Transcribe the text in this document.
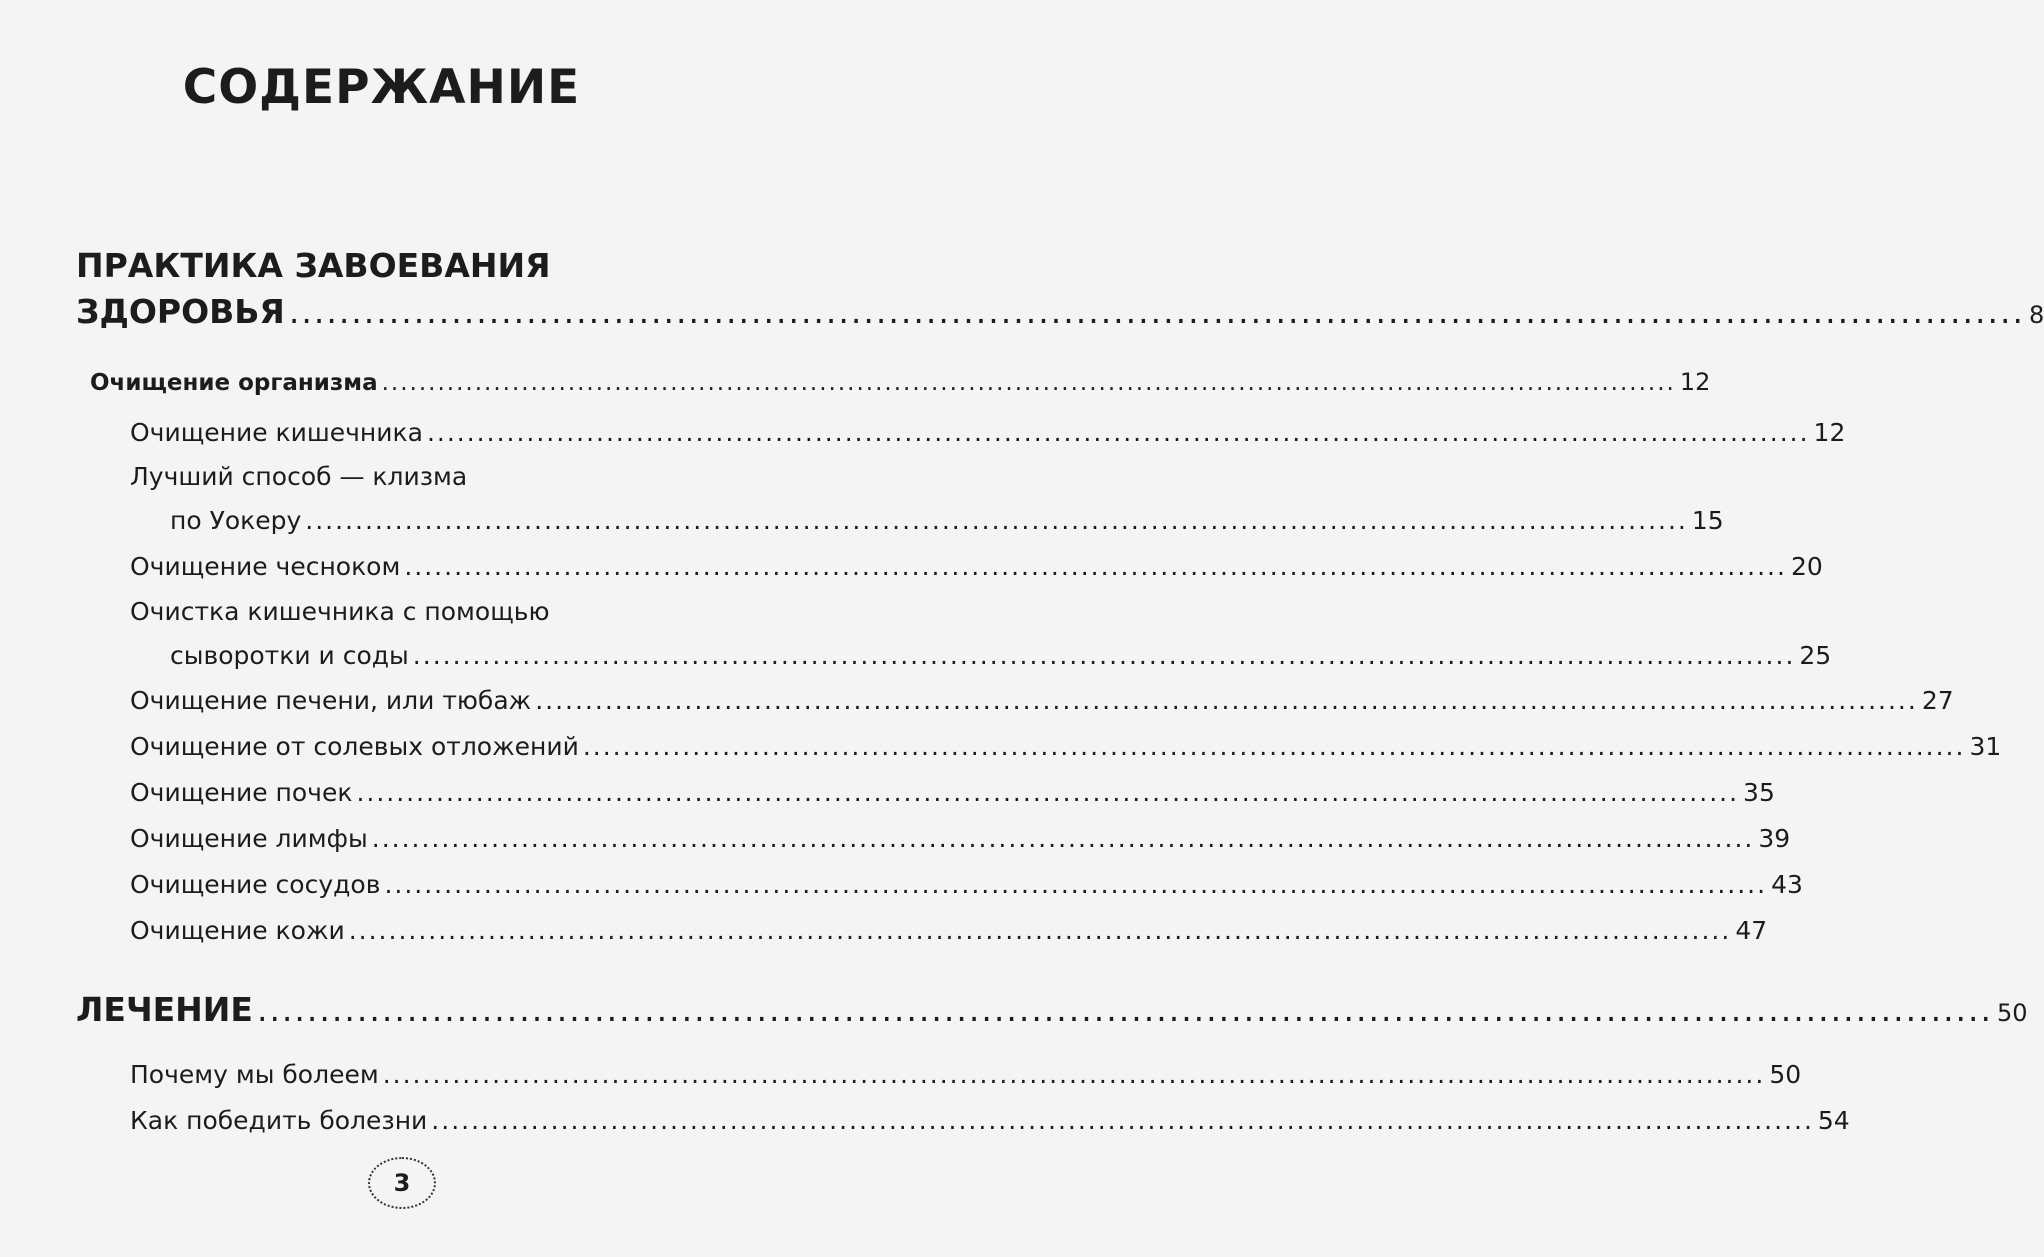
СОДЕРЖАНИЕ
ПРАКТИКА ЗАВОЕВАНИЯ
ЗДОРОВЬЯ ........................................................................................................................................... 8
Очищение организма ........................................................................................................................................... 12
Очищение кишечника ........................................................................................................................................... 12
Лучший способ — клизма
по Уокеру ........................................................................................................................................... 15
Очищение чесноком ........................................................................................................................................... 20
Очистка кишечника с помощью
сыворотки и соды ........................................................................................................................................... 25
Очищение печени, или тюбаж ........................................................................................................................................... 27
Очищение от солевых отложений ........................................................................................................................................... 31
Очищение почек ........................................................................................................................................... 35
Очищение лимфы ........................................................................................................................................... 39
Очищение сосудов ........................................................................................................................................... 43
Очищение кожи ........................................................................................................................................... 47
ЛЕЧЕНИЕ ........................................................................................................................................... 50
Почему мы болеем ........................................................................................................................................... 50
Как победить болезни ........................................................................................................................................... 54
3
